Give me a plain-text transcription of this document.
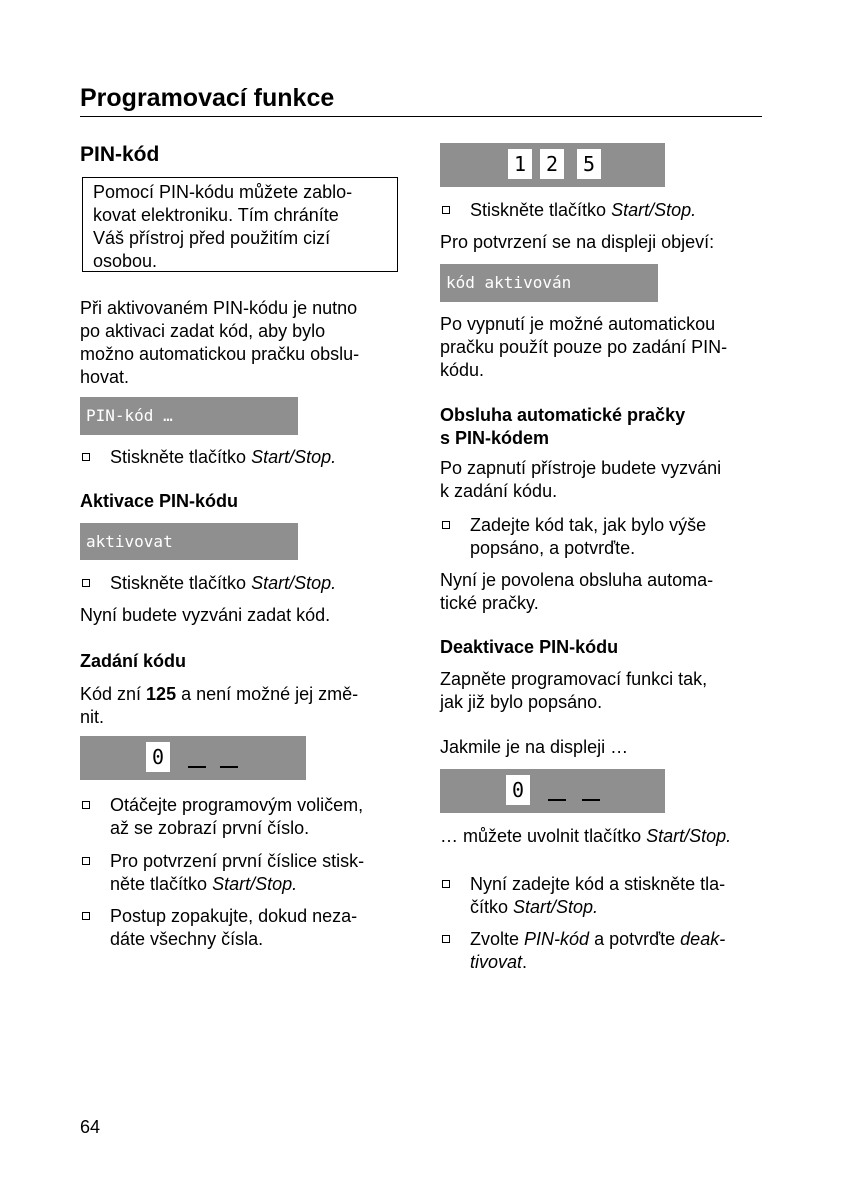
Programovací funkce
PIN-kód
Pomocí PIN-kódu můžete zablo-
kovat elektroniku. Tím chráníte
Váš přístroj před použitím cizí
osobou.
Při aktivovaném PIN-kódu je nutno
po aktivaci zadat kód, aby bylo
možno automatickou pračku obslu-
hovat.
PIN-kód …
Stiskněte tlačítko Start/Stop.
Aktivace PIN-kódu
aktivovat
Stiskněte tlačítko Start/Stop.
Nyní budete vyzváni zadat kód.
Zadání kódu
Kód zní 125 a není možné jej změ-
nit.
0
Otáčejte programovým voličem,
až se zobrazí první číslo.
Pro potvrzení první číslice stisk-
něte tlačítko Start/Stop.
Postup zopakujte, dokud neza-
dáte všechny čísla.
1 2 5
Stiskněte tlačítko Start/Stop.
Pro potvrzení se na displeji objeví:
kód aktivován
Po vypnutí je možné automatickou
pračku použít pouze po zadání PIN-
kódu.
Obsluha automatické pračky
s PIN-kódem
Po zapnutí přístroje budete vyzváni
k zadání kódu.
Zadejte kód tak, jak bylo výše
popsáno, a potvrďte.
Nyní je povolena obsluha automa-
tické pračky.
Deaktivace PIN-kódu
Zapněte programovací funkci tak,
jak již bylo popsáno.
Jakmile je na displeji …
0
… můžete uvolnit tlačítko Start/Stop.
Nyní zadejte kód a stiskněte tla-
čítko Start/Stop.
Zvolte PIN-kód a potvrďte deak-
tivovat.
64
